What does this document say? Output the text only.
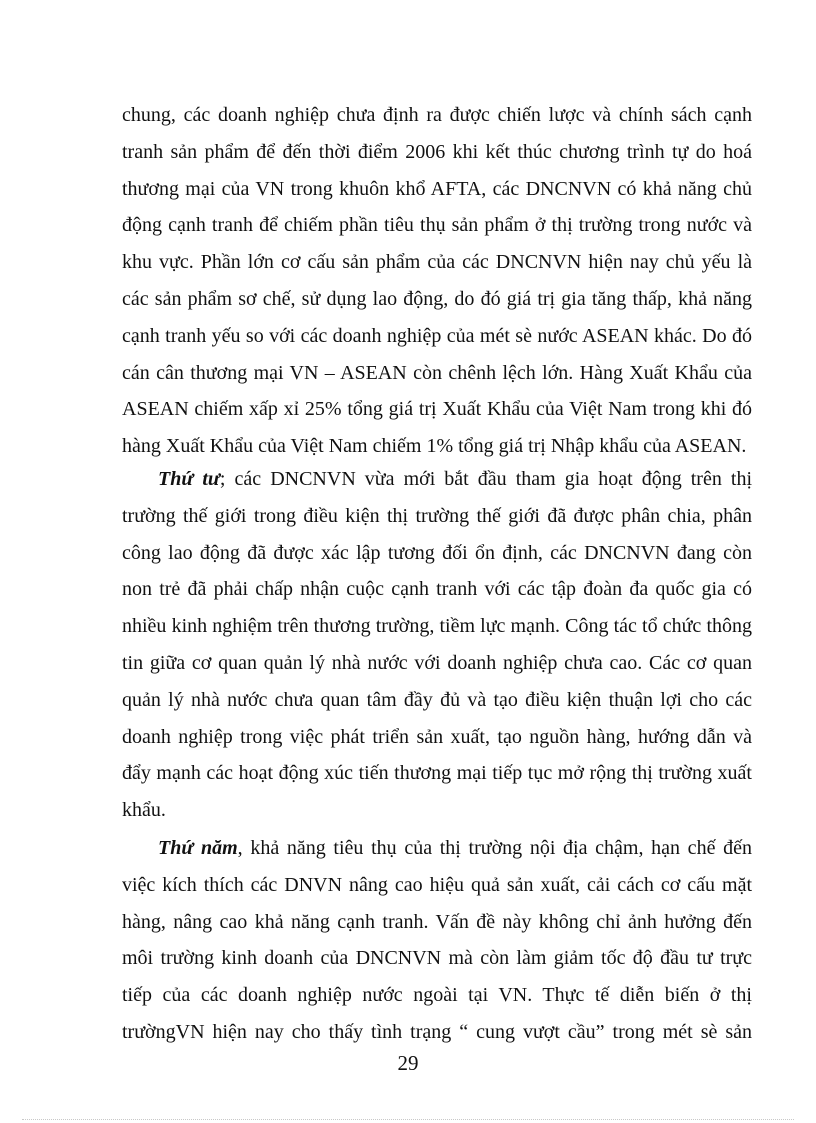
chung, các doanh nghiệp chưa định ra được chiến lược và chính sách cạnh
tranh sản phẩm để đến thời điểm 2006 khi kết thúc chương trình tự do hoá
thương mại của VN trong khuôn khổ AFTA, các DNCNVN có khả năng chủ
động cạnh tranh để chiếm phần tiêu thụ sản phẩm ở thị trường trong nước và
khu vực. Phần lớn cơ cấu sản phẩm của các DNCNVN hiện nay chủ yếu là
các sản phẩm sơ chế, sử dụng lao động, do đó giá trị gia tăng thấp, khả năng
cạnh tranh yếu so với các doanh nghiệp của mét sè nước ASEAN khác. Do đó
cán cân thương mại VN – ASEAN còn chênh lệch lớn. Hàng Xuất Khẩu của
ASEAN chiếm xấp xỉ 25% tổng giá trị Xuất Khẩu của Việt Nam trong khi đó
hàng Xuất Khẩu của Việt Nam chiếm 1% tổng giá trị Nhập khẩu của ASEAN.
Thứ tư; các DNCNVN vừa mới bắt đầu tham gia hoạt động trên thị
trường thế giới trong điều kiện thị trường thế giới đã được phân chia, phân
công lao động đã được xác lập tương đối ổn định, các DNCNVN đang còn
non trẻ đã phải chấp nhận cuộc cạnh tranh với các tập đoàn đa quốc gia có
nhiều kinh nghiệm trên thương trường, tiềm lực mạnh. Công tác tổ chức thông
tin giữa cơ quan quản lý nhà nước với doanh nghiệp chưa cao. Các cơ quan
quản lý nhà nước chưa quan tâm đầy đủ và tạo điều kiện thuận lợi cho các
doanh nghiệp trong việc phát triển sản xuất, tạo nguồn hàng, hướng dẫn và
đẩy mạnh các hoạt động xúc tiến thương mại tiếp tục mở rộng thị trường xuất
khẩu.
Thứ năm, khả năng tiêu thụ của thị trường nội địa chậm, hạn chế đến
việc kích thích các DNVN nâng cao hiệu quả sản xuất, cải cách cơ cấu mặt
hàng, nâng cao khả năng cạnh tranh. Vấn đề này không chỉ ảnh hưởng đến
môi trường kinh doanh của DNCNVN mà còn làm giảm tốc độ đầu tư trực
tiếp của các doanh nghiệp nước ngoài tại VN. Thực tế diễn biến ở thị
trườngVN hiện nay cho thấy tình trạng “ cung vượt cầu” trong mét sè sản
29
